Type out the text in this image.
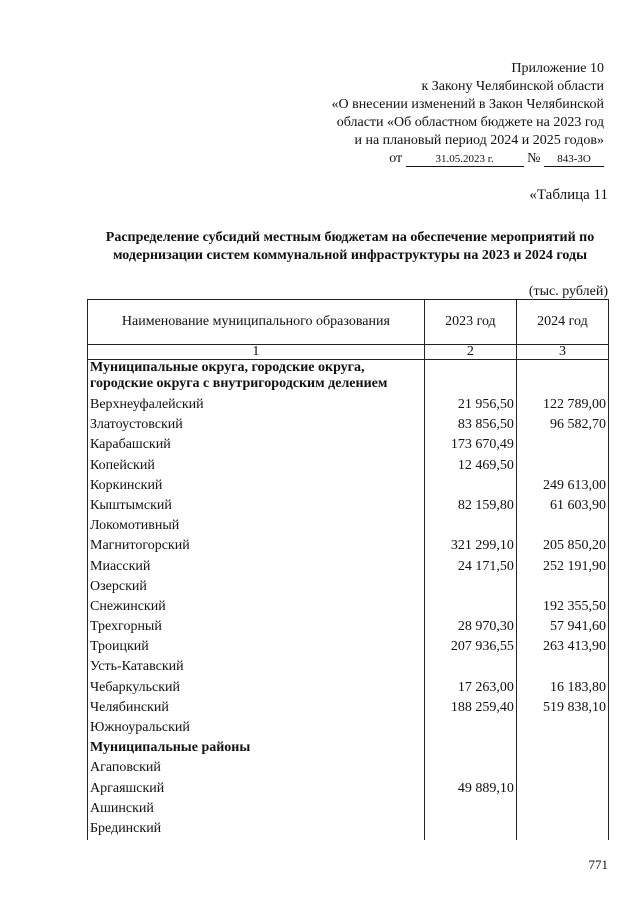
Приложение 10
к Закону Челябинской области
«О внесении изменений в Закон Челябинской
области «Об областном бюджете на 2023 год
и на плановый период 2024 и 2025 годов»
от	31.05.2023 г. № 843-ЗО
«Таблица 11
Распределение субсидий местным бюджетам на обеспечение мероприятий по
модернизации систем коммунальной инфраструктуры на 2023 и 2024 годы
(тыс. рублей)
Наименование муниципального образования	2023 год	2024 год
1	2	3

Муниципальные округа, городские округа,
городские округа с внутригородским делением		

Верхнеуфалейский	21 956,50	122 789,00
Златоустовский	83 856,50	96 582,70
Карабашский	173 670,49	
Копейский	12 469,50	
Коркинский		249 613,00
Кыштымский	82 159,80	61 603,90
Локомотивный		
Магнитогорский	321 299,10	205 850,20
Миасский	24 171,50	252 191,90
Озерский		
Снежинский		192 355,50
Трехгорный	28 970,30	57 941,60
Троицкий	207 936,55	263 413,90
Усть-Катавский		
Чебаркульский	17 263,00	16 183,80
Челябинский	188 259,40	519 838,10
Южноуральский		
Муниципальные районы		
Агаповский		
Аргаяшский	49 889,10	
Ашинский		
Брединский		
771
